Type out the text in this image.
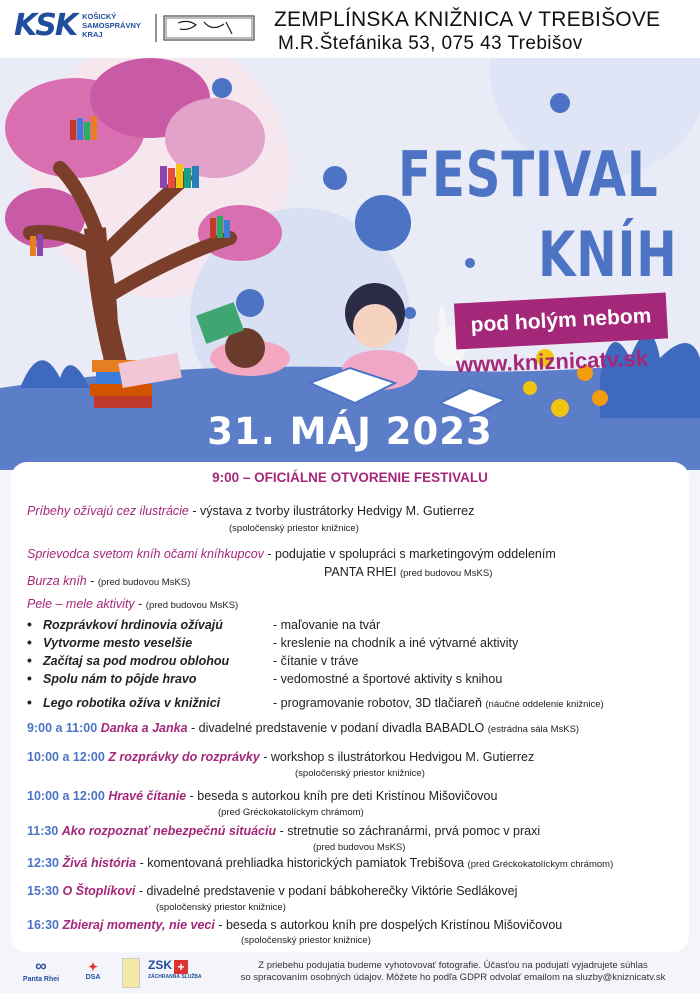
KSK KOŠICKÝ
SAMOSPRÁVNY
KRAJ
ZEMPLÍNSKA KNIŽNICA V TREBIŠOVE
M.R.Štefánika 53, 075 43 Trebišov
FESTIVAL
KNÍH
pod holým nebom
www.kniznicatv.sk
31. MÁJ 2023
9:00 – OFICIÁLNE OTVORENIE FESTIVALU
Príbehy ožívajú cez ilustrácie - výstava z tvorby ilustrátorky Hedvigy M. Gutierrez
(spoločenský priestor knižnice)
Sprievodca svetom kníh očami kníhkupcov - podujatie v spolupráci s marketingovým oddelením
PANTA RHEI (pred budovou MsKS)
Burza kníh - (pred budovou MsKS)
Pele – mele aktivity - (pred budovou MsKS)
• Rozprávkoví hrdinovia ožívajú	- maľovanie na tvár
• Vytvorme mesto veselšie	- kreslenie na chodník a iné výtvarné aktivity
• Začítaj sa pod modrou oblohou	- čítanie v tráve
• Spolu nám to pôjde hravo	- vedomostné a športové aktivity s knihou
• Lego robotika ožíva v knižnici	- programovanie robotov, 3D tlačiareň (náučné oddelenie knižnice)
9:00 a 11:00 Danka a Janka - divadelné predstavenie v podaní divadla BABADLO (estrádna sála MsKS)
10:00 a 12:00 Z rozprávky do rozprávky - workshop s ilustrátorkou Hedvigou M. Gutierrez
(spoločenský priestor knižnice)
10:00 a 12:00 Hravé čítanie - beseda s autorkou kníh pre deti Kristínou Mišovičovou
(pred Gréckokatolíckym chrámom)
11:30 Ako rozpoznať nebezpečnú situáciu - stretnutie so záchranármi, prvá pomoc v praxi
(pred budovou MsKS)
12:30 Živá história - komentovaná prehliadka historických pamiatok Trebišova (pred Gréckokatolíckym chrámom)
15:30 O Štoplíkovi - divadelné predstavenie v podaní bábkoherečky Viktórie Sedlákovej
(spoločenský priestor knižnice)
16:30 Zbieraj momenty, nie veci - beseda s autorkou kníh pre dospelých Kristínou Mišovičovou
(spoločenský priestor knižnice)
∞
Panta Rhei
✦
DSA
ZSK +
ZÁCHRANNÁ SLUŽBA
Z priebehu podujatia budeme vyhotovovať fotografie. Účasťou na podujatí vyjadrujete súhlas
so spracovaním osobných údajov. Môžete ho podľa GDPR odvolať emailom na sluzby@kniznicatv.sk
